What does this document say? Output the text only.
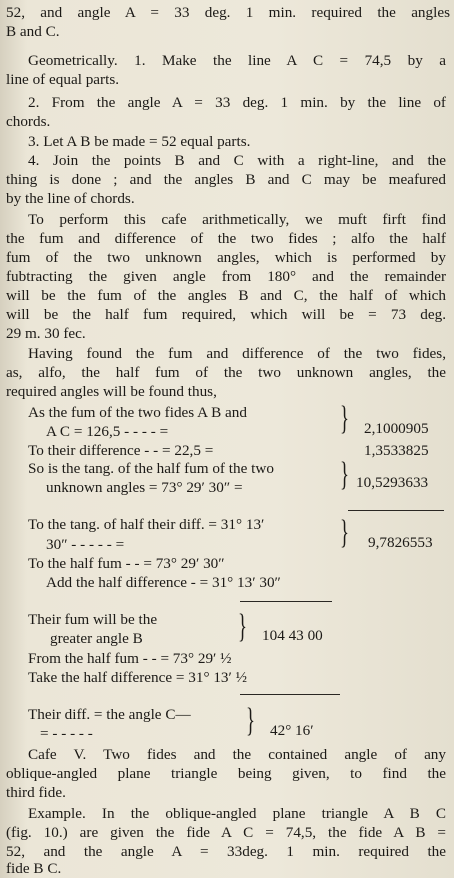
52, and angle A = 33 deg. 1 min. required the angles
B and C.
Geometrically. 1. Make the line A C = 74,5 by a
line of equal parts.
2. From the angle A = 33 deg. 1 min. by the line of
chords.
3. Let A B be made = 52 equal parts.
4. Join the points B and C with a right-line, and the
thing is done ; and the angles B and C may be meafured
by the line of chords.
To perform this cafe arithmetically, we muft firft find
the fum and difference of the two fides ; alfo the half
fum of the two unknown angles, which is performed by
fubtracting the given angle from 180° and the remainder
will be the fum of the angles B and C, the half of which
will be the half fum required, which will be = 73 deg.
29 m. 30 fec.
Having found the fum and difference of the two fides,
as, alfo, the half fum of the two unknown angles, the
required angles will be found thus,
As the fum of the two fides A B and
A C = 126,5 - - - - =	} 2,1000905
To their difference - - = 22,5 =	1,3533825
So is the tang. of the half fum of the two
unknown angles = 73° 29′ 30″ =	} 10,5293633
To the tang. of half their diff. = 31° 13′
30″ - - - - - =	} 9,7826553
To the half fum - - = 73° 29′ 30″
Add the half difference - = 31° 13′ 30″
Their fum will be the
greater angle B	} 104 43 00
From the half fum - - = 73° 29′ ½
Take the half difference = 31° 13′ ½
Their diff. = the angle C—
= - - - - -	} 42° 16′
Cafe V. Two fides and the contained angle of any
oblique-angled plane triangle being given, to find the
third fide.
Example. In the oblique-angled plane triangle A B C
(fig. 10.) are given the fide A C = 74,5, the fide A B =
52, and the angle A = 33deg. 1 min. required the
fide B C.
